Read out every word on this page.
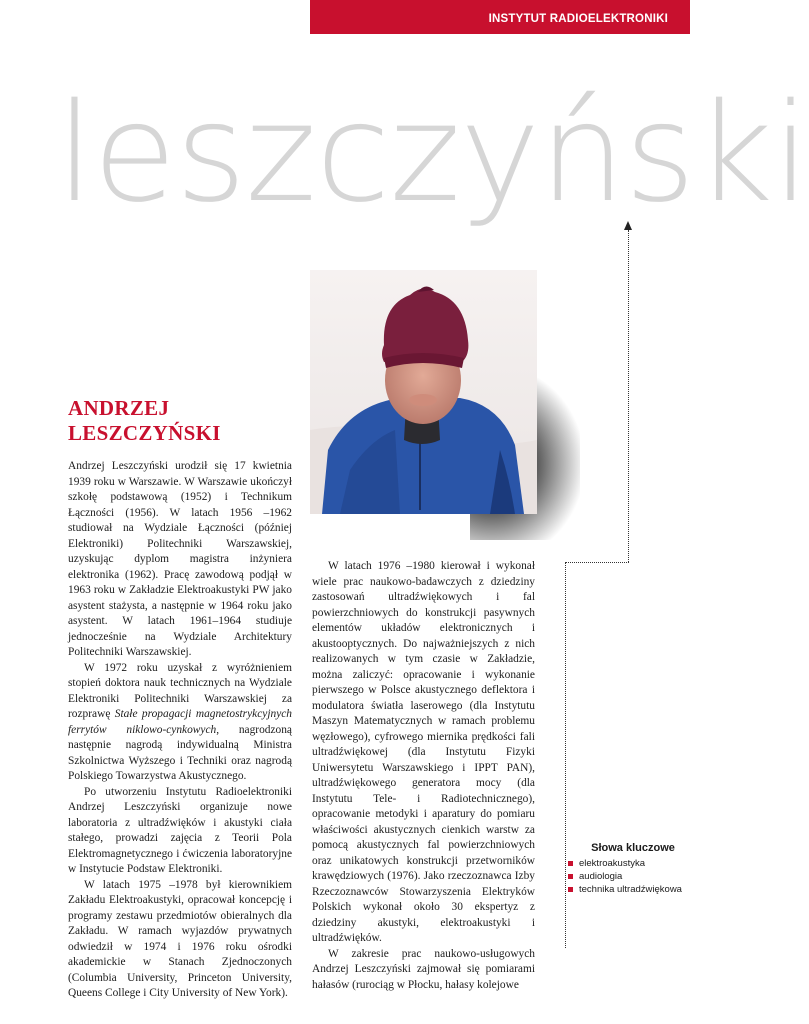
INSTYTUT RADIOELEKTRONIKI
leszczyński
ANDRZEJ
LESZCZYŃSKI

Andrzej Leszczyński urodził się 17 kwietnia 1939 roku w Warszawie. W Warszawie ukończył szkołę podstawową (1952) i Technikum Łączności (1956). W latach 1956 –1962 studiował na Wydziale Łączności (później Elektroniki) Politechniki Warszawskiej, uzyskując dyplom magistra inżyniera elektronika (1962). Pracę zawodową podjął w 1963 roku w Zakładzie Elektroakustyki PW jako asystent stażysta, a następnie w 1964 roku jako asystent. W latach 1961–1964 studiuje jednocześnie na Wydziale Architektury Politechniki Warszawskiej.

W 1972 roku uzyskał z wyróżnieniem stopień doktora nauk technicznych na Wydziale Elektroniki Politechniki Warszawskiej za rozprawę Stałe propagacji magnetostrykcyjnych ferrytów niklowo-cynkowych, nagrodzoną następnie nagrodą indywidualną Ministra Szkolnictwa Wyższego i Techniki oraz nagrodą Polskiego Towarzystwa Akustycznego.

Po utworzeniu Instytutu Radioelektroniki Andrzej Leszczyński organizuje nowe laboratoria z ultradźwięków i akustyki ciała stałego, prowadzi zajęcia z Teorii Pola Elektromagnetycznego i ćwiczenia laboratoryjne w Instytucie Podstaw Elektroniki.

W latach 1975 –1978 był kierownikiem Zakładu Elektroakustyki, opracował koncepcję i programy zestawu przedmiotów obieralnych dla Zakładu. W ramach wyjazdów prywatnych odwiedził w 1974 i 1976 roku ośrodki akademickie w Stanach Zjednoczonych (Columbia University, Princeton University, Queens College i City University of New York).

W latach 1976 –1980 kierował i wykonał wiele prac naukowo-badawczych z dziedziny zastosowań ultradźwiękowych i fal powierzchniowych do konstrukcji pasywnych elementów układów elektronicznych i akustooptycznych. Do najważniejszych z nich realizowanych w tym czasie w Zakładzie, można zaliczyć: opracowanie i wykonanie pierwszego w Polsce akustycznego deflektora i modulatora światła laserowego (dla Instytutu Maszyn Matematycznych w ramach problemu węzłowego), cyfrowego miernika prędkości fali ultradźwiękowej (dla Instytutu Fizyki Uniwersytetu Warszawskiego i IPPT PAN), ultradźwiękowego generatora mocy (dla Instytutu Tele- i Radiotechnicznego), opracowanie metodyki i aparatury do pomiaru właściwości akustycznych cienkich warstw za pomocą akustycznych fal powierzchniowych oraz unikatowych konstrukcji przetworników krawędziowych (1976). Jako rzeczoznawca Izby Rzeczoznawców Stowarzyszenia Elektryków Polskich wykonał około 30 ekspertyz z dziedziny akustyki, elektroakustyki i ultradźwięków.

W zakresie prac naukowo-usługowych Andrzej Leszczyński zajmował się pomiarami hałasów (rurociąg w Płocku, hałasy kolejowe

Słowa kluczowe
elektroakustyka
audiologia
technika ultradźwiękowa
